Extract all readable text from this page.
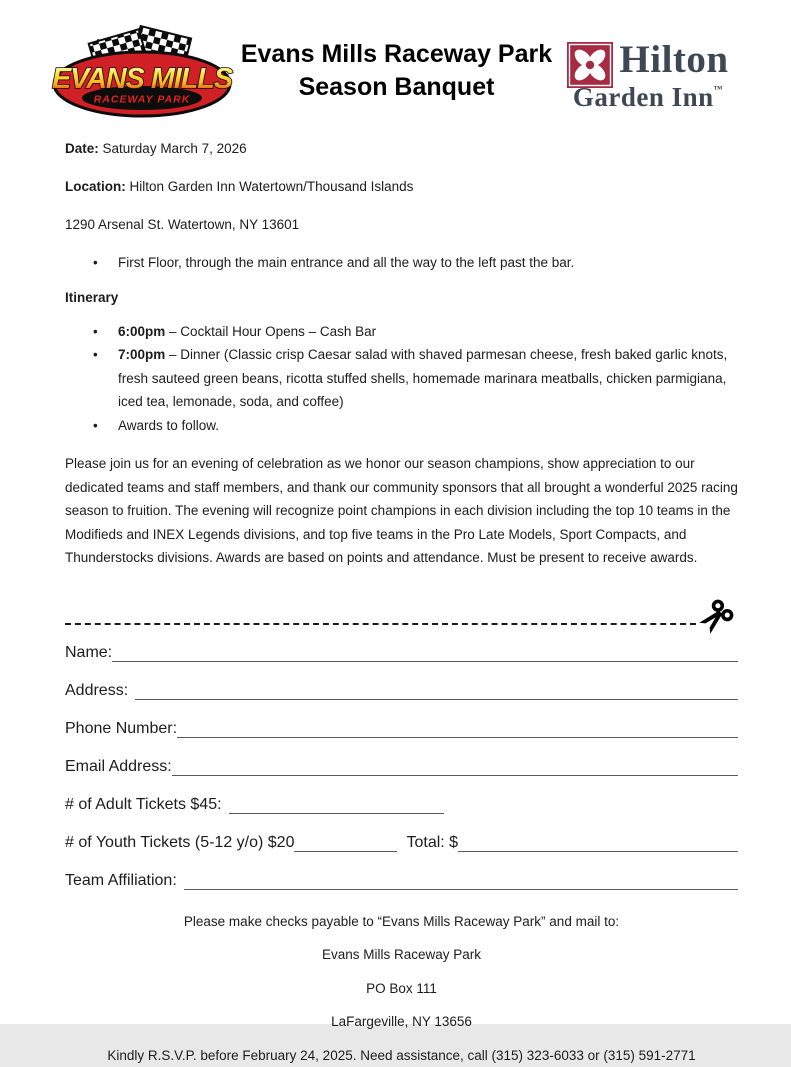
RACEWAY PARK
EVANS MILLS
Evans Mills Raceway Park
Season Banquet
Hilton
Garden Inn™

Date: Saturday March 7, 2026

Location: Hilton Garden Inn Watertown/Thousand Islands

1290 Arsenal St. Watertown, NY 13601

• First Floor, through the main entrance and all the way to the left past the bar.

Itinerary

• 6:00pm – Cocktail Hour Opens – Cash Bar
• 7:00pm – Dinner (Classic crisp Caesar salad with shaved parmesan cheese, fresh baked garlic knots, fresh sauteed green beans, ricotta stuffed shells, homemade marinara meatballs, chicken parmigiana, iced tea, lemonade, soda, and coffee)
• Awards to follow.

Please join us for an evening of celebration as we honor our season champions, show appreciation to our dedicated teams and staff members, and thank our community sponsors that all brought a wonderful 2025 racing season to fruition. The evening will recognize point champions in each division including the top 10 teams in the Modifieds and INEX Legends divisions, and top five teams in the Pro Late Models, Sport Compacts, and Thunderstocks divisions. Awards are based on points and attendance. Must be present to receive awards.

Name:
Address:
Phone Number:
Email Address:
# of Adult Tickets $45:
# of Youth Tickets (5-12 y/o) $20	Total: $
Team Affiliation:

Please make checks payable to “Evans Mills Raceway Park” and mail to:

Evans Mills Raceway Park

PO Box 111

LaFargeville, NY 13656

Kindly R.S.V.P. before February 24, 2025. Need assistance, call (315) 323-6033 or (315) 591-2771
